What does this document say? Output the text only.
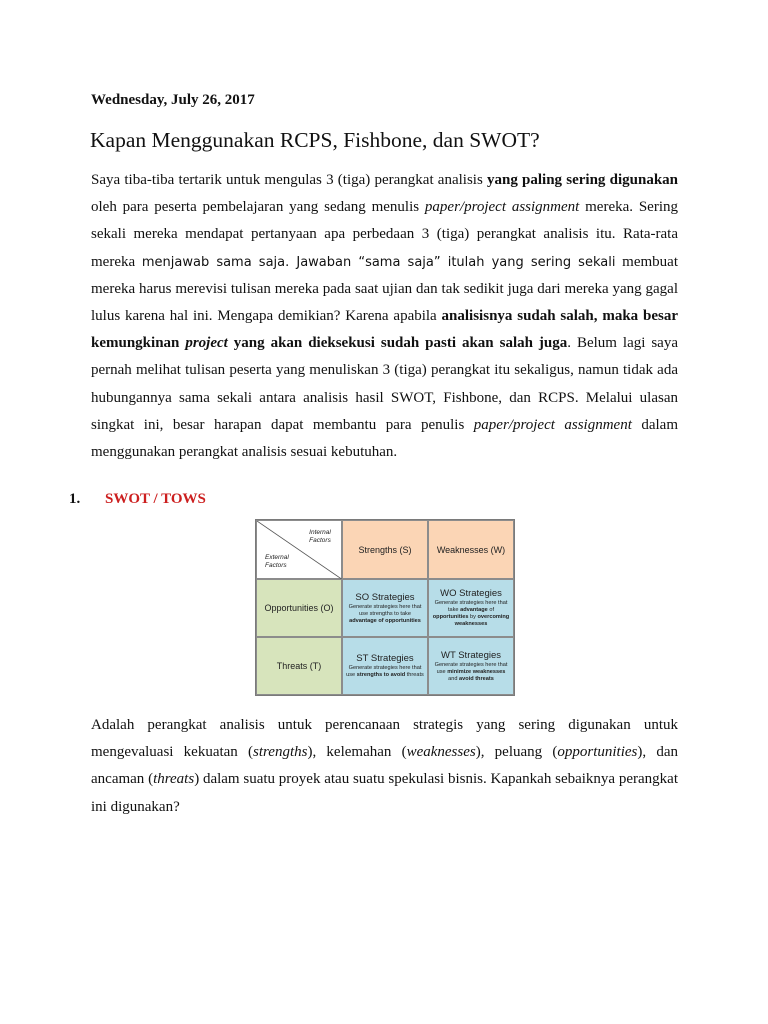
Wednesday, July 26, 2017
Kapan Menggunakan RCPS, Fishbone, dan SWOT?

Saya tiba-tiba tertarik untuk mengulas 3 (tiga) perangkat analisis yang paling sering digunakan oleh para peserta pembelajaran yang sedang menulis paper/project assignment mereka. Sering sekali mereka mendapat pertanyaan apa perbedaan 3 (tiga) perangkat analisis itu. Rata-rata mereka menjawab sama saja. Jawaban “sama saja” itulah yang sering sekali membuat mereka harus merevisi tulisan mereka pada saat ujian dan tak sedikit juga dari mereka yang gagal lulus karena hal ini. Mengapa demikian? Karena apabila analisisnya sudah salah, maka besar kemungkinan project yang akan dieksekusi sudah pasti akan salah juga. Belum lagi saya pernah melihat tulisan peserta yang menuliskan 3 (tiga) perangkat itu sekaligus, namun tidak ada hubungannya sama sekali antara analisis hasil SWOT, Fishbone, dan RCPS. Melalui ulasan singkat ini, besar harapan dapat membantu para penulis paper/project assignment dalam menggunakan perangkat analisis sesuai kebutuhan.

1. SWOT / TOWS
Internal Factors
External Factors
Strengths (S)	Weaknesses (W)
Opportunities (O)
SO Strategies
Generate strategies here that use strengths to take advantage of opportunities
WO Strategies
Generate strategies here that take advantage of opportunities by overcoming weaknesses
Threats (T)
ST Strategies
Generate strategies here that use strengths to avoid threats
WT Strategies
Generate strategies here that use minimize weaknesses and avoid threats

Adalah perangkat analisis untuk perencanaan strategis yang sering digunakan untuk mengevaluasi kekuatan (strengths), kelemahan (weaknesses), peluang (opportunities), dan ancaman (threats) dalam suatu proyek atau suatu spekulasi bisnis. Kapankah sebaiknya perangkat ini digunakan?
